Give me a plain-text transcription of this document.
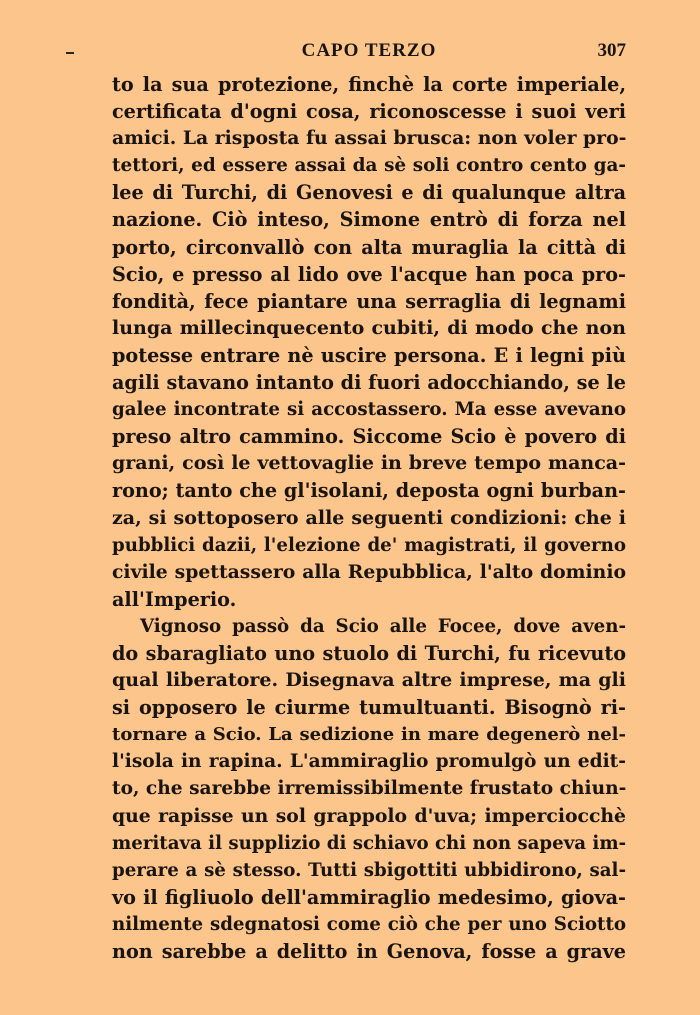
CAPO TERZO	307
to la sua protezione, finchè la corte imperiale,
certificata d'ogni cosa, riconoscesse i suoi veri
amici. La risposta fu assai brusca: non voler pro-
tettori, ed essere assai da sè soli contro cento ga-
lee di Turchi, di Genovesi e di qualunque altra
nazione. Ciò inteso, Simone entrò di forza nel
porto, circonvallò con alta muraglia la città di
Scio, e presso al lido ove l'acque han poca pro-
fondità, fece piantare una serraglia di legnami
lunga millecinquecento cubiti, di modo che non
potesse entrare nè uscire persona. E i legni più
agili stavano intanto di fuori adocchiando, se le
galee incontrate si accostassero. Ma esse avevano
preso altro cammino. Siccome Scio è povero di
grani, così le vettovaglie in breve tempo manca-
rono; tanto che gl'isolani, deposta ogni burban-
za, si sottoposero alle seguenti condizioni: che i
pubblici dazii, l'elezione de' magistrati, il governo
civile spettassero alla Repubblica, l'alto dominio
all'Imperio.
Vignoso passò da Scio alle Focee, dove aven-
do sbaragliato uno stuolo di Turchi, fu ricevuto
qual liberatore. Disegnava altre imprese, ma gli
si opposero le ciurme tumultuanti. Bisognò ri-
tornare a Scio. La sedizione in mare degenerò nel-
l'isola in rapina. L'ammiraglio promulgò un edit-
to, che sarebbe irremissibilmente frustato chiun-
que rapisse un sol grappolo d'uva; imperciocchè
meritava il supplizio di schiavo chi non sapeva im-
perare a sè stesso. Tutti sbigottiti ubbidirono, sal-
vo il figliuolo dell'ammiraglio medesimo, giova-
nilmente sdegnatosi come ciò che per uno Sciotto
non sarebbe a delitto in Genova, fosse a grave
